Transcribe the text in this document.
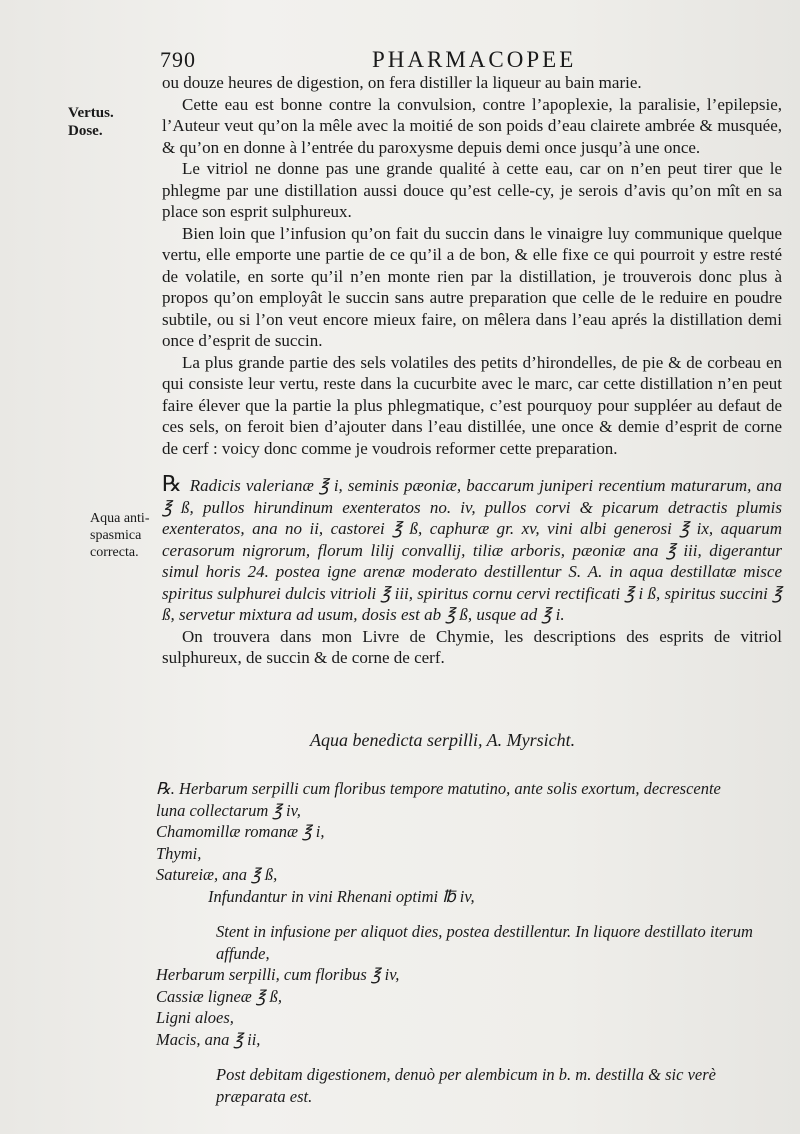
790	PHARMACOPEE
Vertus.
Dose.
Aqua anti-spasmica correcta.

ou douze heures de digestion, on fera distiller la liqueur au bain marie.

Cette eau est bonne contre la convulsion, contre l’apoplexie, la paralisie, l’epilepsie, l’Auteur veut qu’on la mêle avec la moitié de son poids d’eau clairete ambrée & musquée, & qu’on en donne à l’entrée du paroxysme depuis demi once jusqu’à une once.

Le vitriol ne donne pas une grande qualité à cette eau, car on n’en peut tirer que le phlegme par une distillation aussi douce qu’est celle-cy, je serois d’avis qu’on mît en sa place son esprit sulphureux.

Bien loin que l’infusion qu’on fait du succin dans le vinaigre luy communique quelque vertu, elle emporte une partie de ce qu’il a de bon, & elle fixe ce qui pourroit y estre resté de volatile, en sorte qu’il n’en monte rien par la distillation, je trouverois donc plus à propos qu’on employât le succin sans autre preparation que celle de le reduire en poudre subtile, ou si l’on veut encore mieux faire, on mêlera dans l’eau aprés la distillation demi once d’esprit de succin.

La plus grande partie des sels volatiles des petits d’hirondelles, de pie & de corbeau en qui consiste leur vertu, reste dans la cucurbite avec le marc, car cette distillation n’en peut faire élever que la partie la plus phlegmatique, c’est pourquoy pour suppléer au defaut de ces sels, on feroit bien d’ajouter dans l’eau distillée, une once & demie d’esprit de corne de cerf : voicy donc comme je voudrois reformer cette preparation.

℞ Radicis valerianæ ℥ i, seminis pæoniæ, baccarum juniperi recentium maturarum, ana ℥ ß, pullos hirundinum exenteratos no. iv, pullos corvi & picarum detractis plumis exenteratos, ana no ii, castorei ℥ ß, caphuræ gr. xv, vini albi generosi ℥ ix, aquarum cerasorum nigrorum, florum lilij convallij, tiliæ arboris, pæoniæ ana ℥ iii, digerantur simul horis 24. postea igne arenæ moderato destillentur S. A. in aqua destillatæ misce spiritus sulphurei dulcis vitrioli ℥ iii, spiritus cornu cervi rectificati ℥ i ß, spiritus succini ℥ ß, servetur mixtura ad usum, dosis est ab ℥ ß, usque ad ℥ i.

On trouvera dans mon Livre de Chymie, les descriptions des esprits de vitriol sulphureux, de succin & de corne de cerf.

Aqua benedicta serpilli, A. Myrsicht.

℞. Herbarum serpilli cum floribus tempore matutino, ante solis exortum, decrescente

luna collectarum ℥ iv,

Chamomillæ romanæ ℥ i,

Thymi,

Satureiæ, ana ℥ ß,

Infundantur in vini Rhenani optimi ℔ iv,

Stent in infusione per aliquot dies, postea destillentur. In liquore destillato iterum affunde,

Herbarum serpilli, cum floribus ℥ iv,

Cassiæ ligneæ ℥ ß,

Ligni aloes,

Macis, ana ℥ ii,

Post debitam digestionem, denuò per alembicum in b. m. destilla & sic verè præparata est.
